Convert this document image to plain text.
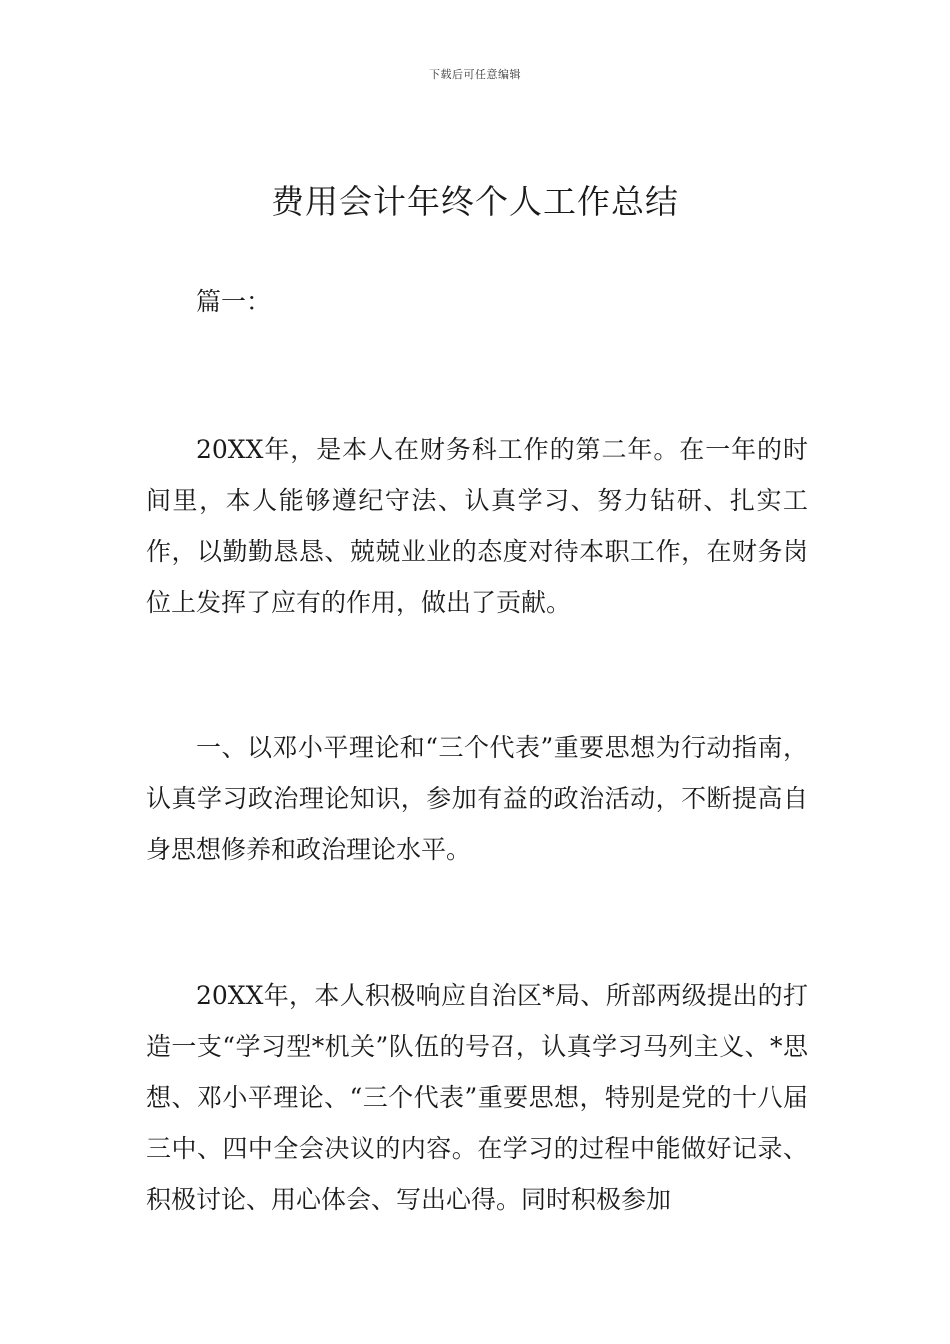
下载后可任意编辑
费用会计年终个人工作总结

篇一：

20XX年，是本人在财务科工作的第二年。在一年的时间里，本人能够遵纪守法、认真学习、努力钻研、扎实工作，以勤勤恳恳、兢兢业业的态度对待本职工作，在财务岗位上发挥了应有的作用，做出了贡献。

一、以邓小平理论和“三个代表”重要思想为行动指南，认真学习政治理论知识，参加有益的政治活动，不断提高自身思想修养和政治理论水平。

20XX年，本人积极响应自治区*局、所部两级提出的打造一支“学习型*机关”队伍的号召，认真学习马列主义、*思想、邓小平理论、“三个代表”重要思想，特别是党的十八届三中、四中全会决议的内容。在学习的过程中能做好记录、积极讨论、用心体会、写出心得。同时积极参加
